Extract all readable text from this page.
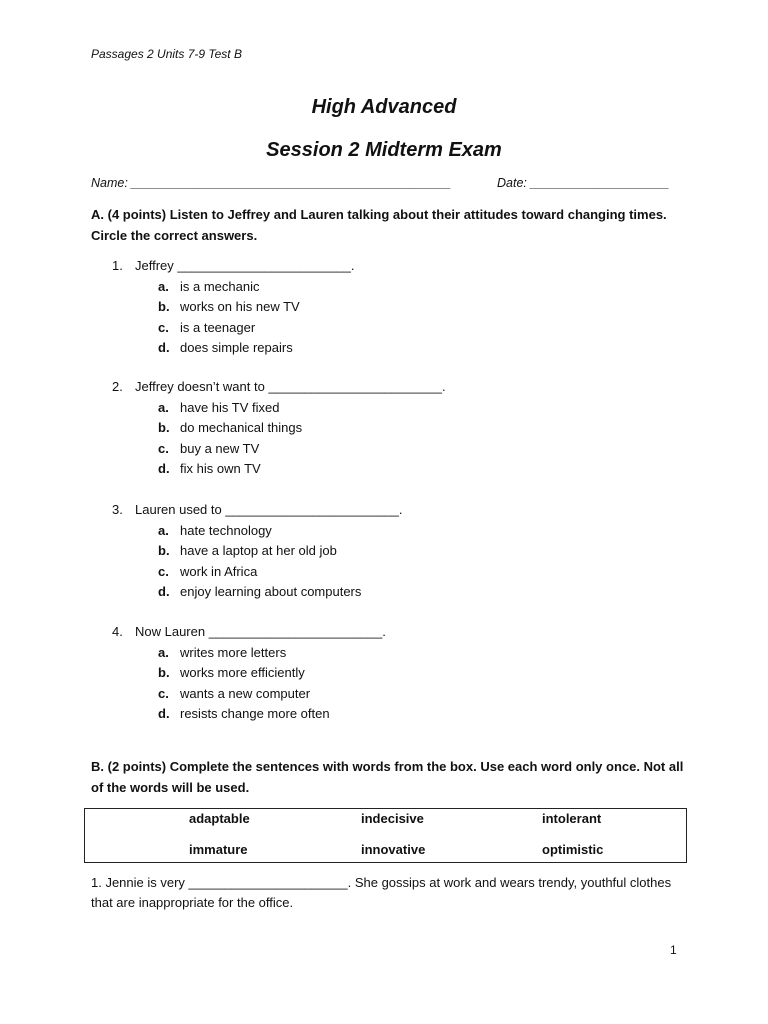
Passages 2 Units 7-9 Test B
High Advanced
Session 2 Midterm Exam
Name: ______________________________________________	Date: ____________________
A. (4 points) Listen to Jeffrey and Lauren talking about their attitudes toward changing times. Circle the correct answers.
1. Jeffrey ________________________.
a. is a mechanic
b. works on his new TV
c. is a teenager
d. does simple repairs
2. Jeffrey doesn’t want to ________________________.
a. have his TV fixed
b. do mechanical things
c. buy a new TV
d. fix his own TV
3. Lauren used to ________________________.
a. hate technology
b. have a laptop at her old job
c. work in Africa
d. enjoy learning about computers
4. Now Lauren ________________________.
a. writes more letters
b. works more efficiently
c. wants a new computer
d. resists change more often
B. (2 points) Complete the sentences with words from the box. Use each word only once. Not all of the words will be used.
adaptable	indecisive	intolerant
immature	innovative	optimistic
1. Jennie is very ______________________. She gossips at work and wears trendy, youthful clothes that are inappropriate for the office.
1
